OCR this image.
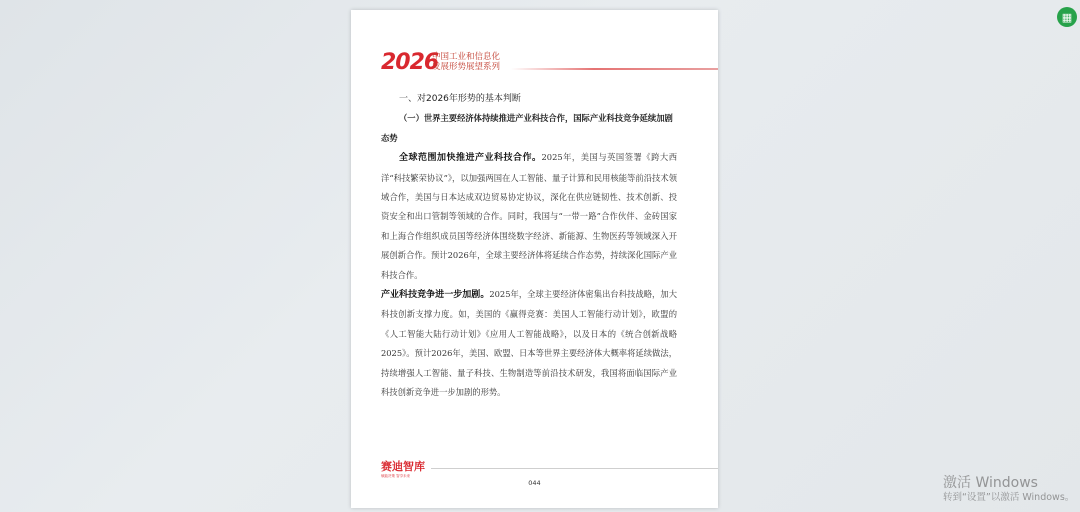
2026
中国工业和信息化
发展形势展望系列
一、对2026年形势的基本判断
（一）世界主要经济体持续推进产业科技合作，国际产业科技竞争延续加剧态势
全球范围加快推进产业科技合作。2025年，美国与英国签署《跨大西洋“科技繁荣协议”》，以加强两国在人工智能、量子计算和民用核能等前沿技术领域合作，美国与日本达成双边贸易协定协议，深化在供应链韧性、技术创新、投资安全和出口管制等领域的合作。同时，我国与“一带一路”合作伙伴、金砖国家和上海合作组织成员国等经济体围绕数字经济、新能源、生物医药等领域深入开展创新合作。预计2026年，全球主要经济体将延续合作态势，持续深化国际产业科技合作。
产业科技竞争进一步加剧。2025年，全球主要经济体密集出台科技战略，加大科技创新支撑力度。如，美国的《赢得竞赛：美国人工智能行动计划》，欧盟的《人工智能大陆行动计划》《应用人工智能战略》，以及日本的《统合创新战略2025》。预计2026年，美国、欧盟、日本等世界主要经济体大概率将延续做法，持续增强人工智能、量子科技、生物制造等前沿技术研发，我国将面临国际产业科技创新竞争进一步加剧的形势。
赛迪智库
赋能决策 智享未来
044
▦
激活 Windows
转到“设置”以激活 Windows。
